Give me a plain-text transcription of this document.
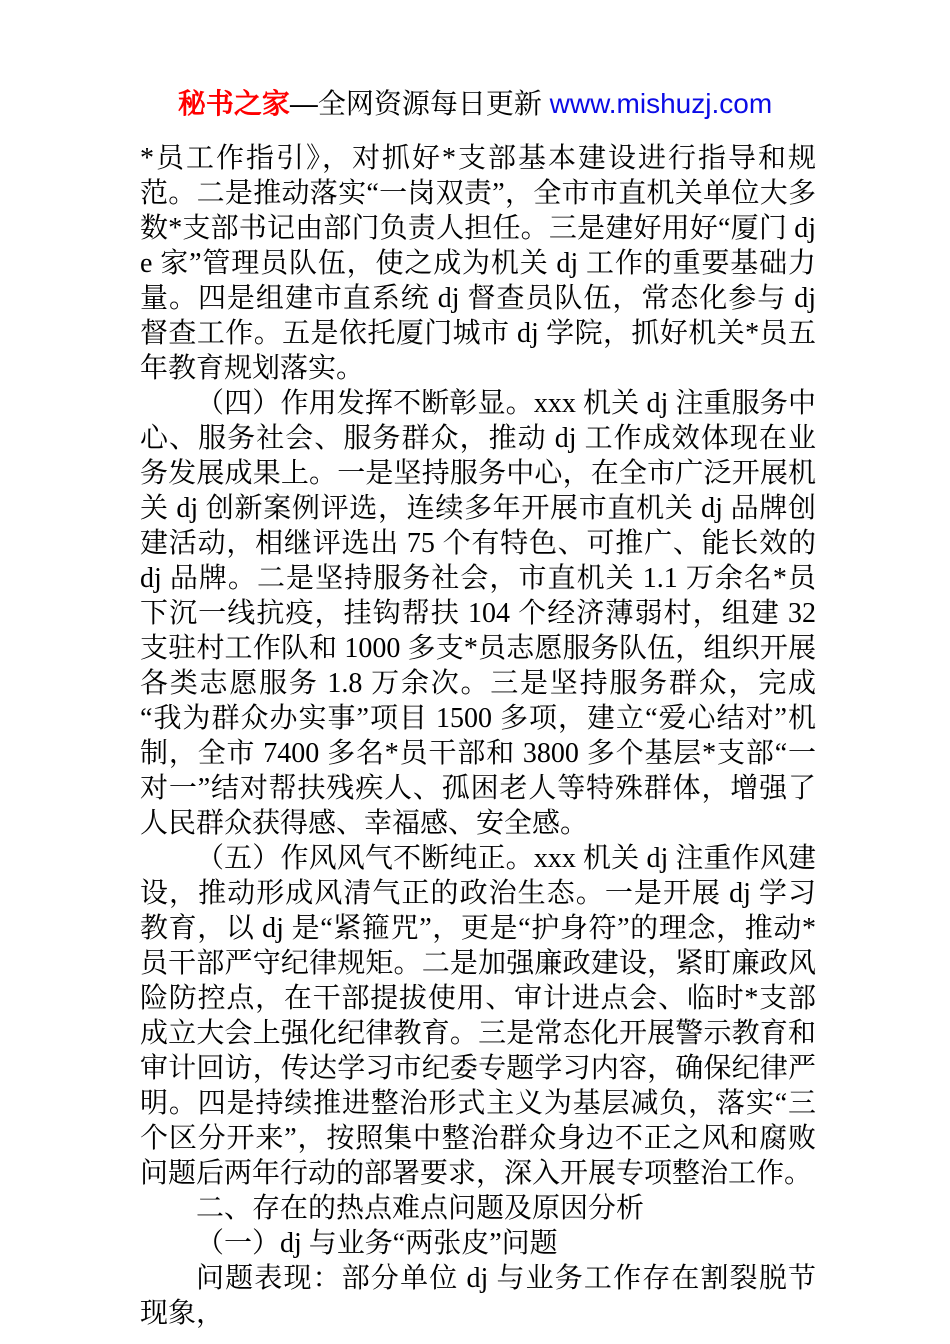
秘书之家—全网资源每日更新 www.mishuzj.com

*员工作指引》，对抓好*支部基本建设进行指导和规范。二是推动落实“一岗双责”，全市市直机关单位大多数*支部书记由部门负责人担任。三是建好用好“厦门 dje 家”管理员队伍，使之成为机关 dj 工作的重要基础力量。四是组建市直系统 dj 督查员队伍，常态化参与 dj 督查工作。五是依托厦门城市 dj 学院，抓好机关*员五年教育规划落实。

（四）作用发挥不断彰显。xxx 机关 dj 注重服务中心、服务社会、服务群众，推动 dj 工作成效体现在业务发展成果上。一是坚持服务中心，在全市广泛开展机关 dj 创新案例评选，连续多年开展市直机关 dj 品牌创建活动，相继评选出 75 个有特色、可推广、能长效的 dj 品牌。二是坚持服务社会，市直机关 1.1 万余名*员下沉一线抗疫，挂钩帮扶 104 个经济薄弱村，组建 32 支驻村工作队和 1000 多支*员志愿服务队伍，组织开展各类志愿服务 1.8 万余次。三是坚持服务群众，完成“我为群众办实事”项目 1500 多项，建立“爱心结对”机制，全市 7400 多名*员干部和 3800 多个基层*支部“一对一”结对帮扶残疾人、孤困老人等特殊群体，增强了人民群众获得感、幸福感、安全感。

（五）作风风气不断纯正。xxx 机关 dj 注重作风建设，推动形成风清气正的政治生态。一是开展 dj 学习教育，以 dj 是“紧箍咒”，更是“护身符”的理念，推动*员干部严守纪律规矩。二是加强廉政建设，紧盯廉政风险防控点，在干部提拔使用、审计进点会、临时*支部成立大会上强化纪律教育。三是常态化开展警示教育和审计回访，传达学习市纪委专题学习内容，确保纪律严明。四是持续推进整治形式主义为基层减负，落实“三个区分开来”，按照集中整治群众身边不正之风和腐败问题后两年行动的部署要求，深入开展专项整治工作。

二、存在的热点难点问题及原因分析

（一）dj 与业务“两张皮”问题

问题表现：部分单位 dj 与业务工作存在割裂脱节现象，
